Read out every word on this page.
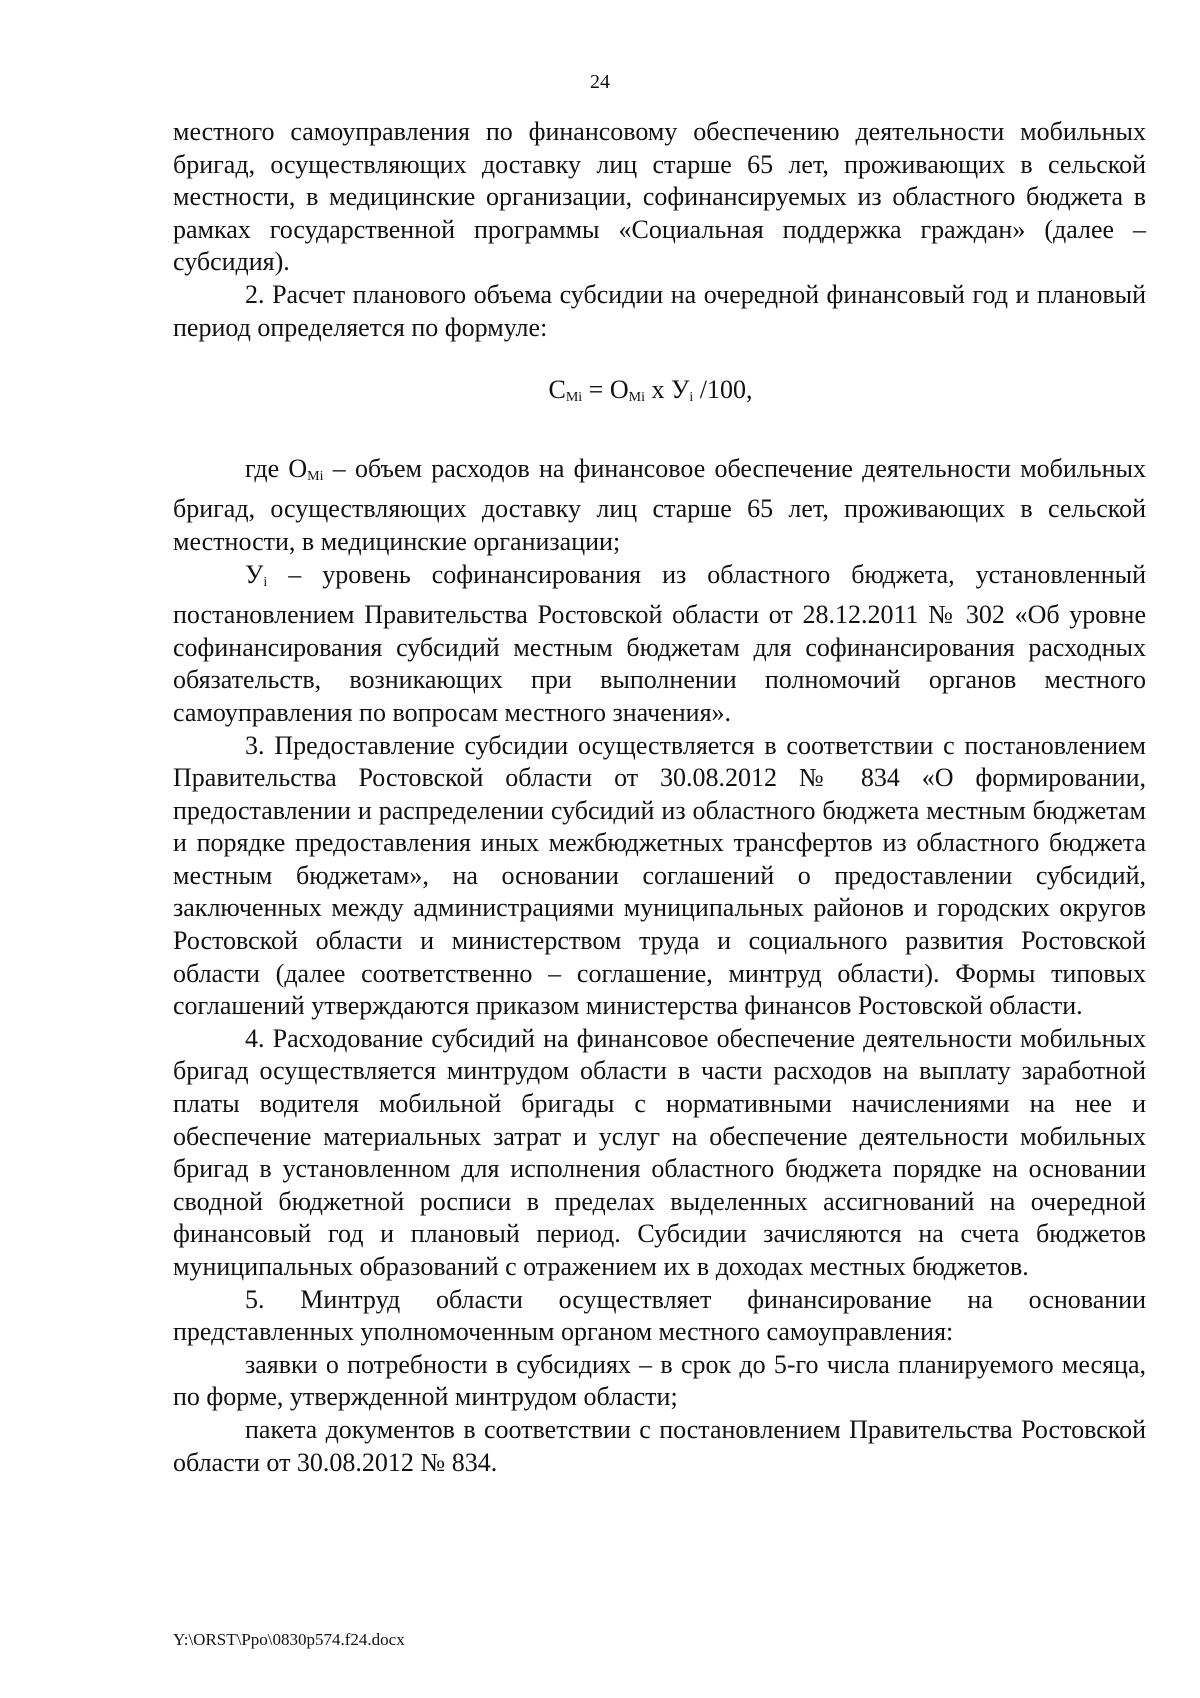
24

местного самоуправления по финансовому обеспечению деятельности мобильных бригад, осуществляющих доставку лиц старше 65 лет, проживающих в сельской местности, в медицинские организации, софинансируемых из областного бюджета в рамках государственной программы «Социальная поддержка граждан» (далее – субсидия).

2. Расчет планового объема субсидии на очередной финансовый год и плановый период определяется по формуле:

$С_{Мi} = О_{Мi}$ х $У_i$ /100,

где $О_{Мi}$ – объем расходов на финансовое обеспечение деятельности мобильных бригад, осуществляющих доставку лиц старше 65 лет, проживающих в сельской местности, в медицинские организации;

$У_i$ – уровень софинансирования из областного бюджета, установленный постановлением Правительства Ростовской области от 28.12.2011 № 302 «Об уровне софинансирования субсидий местным бюджетам для софинансирования расходных обязательств, возникающих при выполнении полномочий органов местного самоуправления по вопросам местного значения».

3. Предоставление субсидии осуществляется в соответствии с постановлением Правительства Ростовской области от 30.08.2012 № 834 «О формировании, предоставлении и распределении субсидий из областного бюджета местным бюджетам и порядке предоставления иных межбюджетных трансфертов из областного бюджета местным бюджетам», на основании соглашений о предоставлении субсидий, заключенных между администрациями муниципальных районов и городских округов Ростовской области и министерством труда и социального развития Ростовской области (далее соответственно – соглашение, минтруд области). Формы типовых соглашений утверждаются приказом министерства финансов Ростовской области.

4. Расходование субсидий на финансовое обеспечение деятельности мобильных бригад осуществляется минтрудом области в части расходов на выплату заработной платы водителя мобильной бригады с нормативными начислениями на нее и обеспечение материальных затрат и услуг на обеспечение деятельности мобильных бригад в установленном для исполнения областного бюджета порядке на основании сводной бюджетной росписи в пределах выделенных ассигнований на очередной финансовый год и плановый период. Субсидии зачисляются на счета бюджетов муниципальных образований с отражением их в доходах местных бюджетов.

5. Минтруд области осуществляет финансирование на основании представленных уполномоченным органом местного самоуправления:

заявки о потребности в субсидиях – в срок до 5-го числа планируемого месяца, по форме, утвержденной минтрудом области;

пакета документов в соответствии с постановлением Правительства Ростовской области от 30.08.2012 № 834.

Y:\ORST\Ppo\0830p574.f24.docx
